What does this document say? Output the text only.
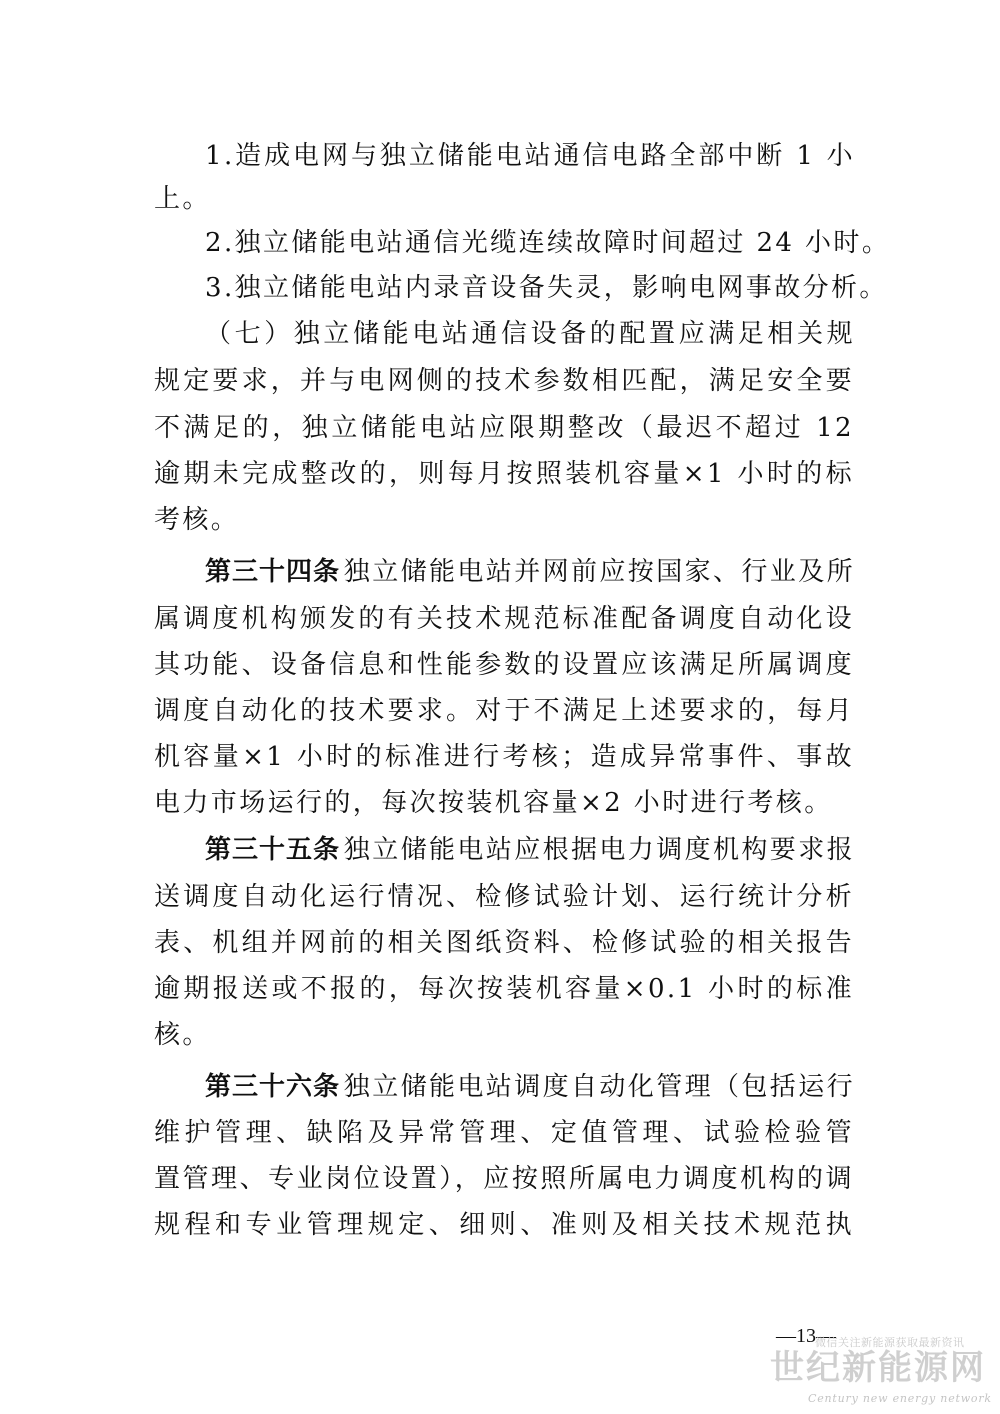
1.造成电网与独立储能电站通信电路全部中断 1 小
上。
2.独立储能电站通信光缆连续故障时间超过 24 小时。
3.独立储能电站内录音设备失灵，影响电网事故分析。
（七）独立储能电站通信设备的配置应满足相关规
规定要求，并与电网侧的技术参数相匹配，满足安全要
不满足的，独立储能电站应限期整改（最迟不超过 12
逾期未完成整改的，则每月按照装机容量×1 小时的标
考核。
第三十四条 独立储能电站并网前应按国家、行业及所
属调度机构颁发的有关技术规范标准配备调度自动化设
其功能、设备信息和性能参数的设置应该满足所属调度
调度自动化的技术要求。对于不满足上述要求的，每月
机容量×1 小时的标准进行考核；造成异常事件、事故
电力市场运行的，每次按装机容量×2 小时进行考核。
第三十五条 独立储能电站应根据电力调度机构要求报
送调度自动化运行情况、检修试验计划、运行统计分析
表、机组并网前的相关图纸资料、检修试验的相关报告
逾期报送或不报的，每次按装机容量×0.1 小时的标准
核。
第三十六条 独立储能电站调度自动化管理（包括运行
维护管理、缺陷及异常管理、定值管理、试验检验管
置管理、专业岗位设置），应按照所属电力调度机构的调
规程和专业管理规定、细则、准则及相关技术规范执
—13—
微信关注新能源获取最新资讯
世纪新能源网
Century new energy network
